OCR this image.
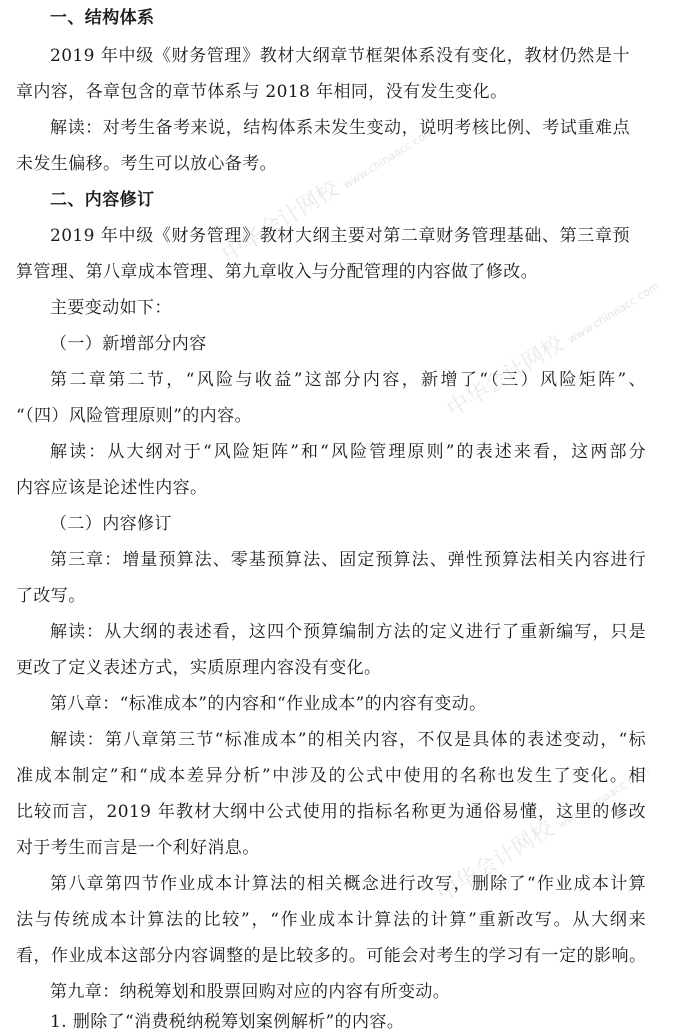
中华会计网校 www.chinaacc.com
中华会计网校 www.chinaacc.com
中华会计网校 www.chinaacc.com
一、结构体系
2019 年中级《财务管理》教材大纲章节框架体系没有变化，教材仍然是十
章内容，各章包含的章节体系与 2018 年相同，没有发生变化。
解读：对考生备考来说，结构体系未发生变动，说明考核比例、考试重难点
未发生偏移。考生可以放心备考。
二、内容修订
2019 年中级《财务管理》教材大纲主要对第二章财务管理基础、第三章预
算管理、第八章成本管理、第九章收入与分配管理的内容做了修改。
主要变动如下：
（一）新增部分内容
第二章第二节，“风险与收益”这部分内容，新增了“（三）风险矩阵”、
“（四）风险管理原则”的内容。
解读：从大纲对于“风险矩阵”和“风险管理原则”的表述来看，这两部分
内容应该是论述性内容。
（二）内容修订
第三章：增量预算法、零基预算法、固定预算法、弹性预算法相关内容进行
了改写。
解读：从大纲的表述看，这四个预算编制方法的定义进行了重新编写，只是
更改了定义表述方式，实质原理内容没有变化。
第八章：“标准成本”的内容和“作业成本”的内容有变动。
解读：第八章第三节“标准成本”的相关内容，不仅是具体的表述变动，“标
准成本制定”和“成本差异分析”中涉及的公式中使用的名称也发生了变化。相
比较而言，2019 年教材大纲中公式使用的指标名称更为通俗易懂，这里的修改
对于考生而言是一个利好消息。
第八章第四节作业成本计算法的相关概念进行改写，删除了“作业成本计算
法与传统成本计算法的比较”，“作业成本计算法的计算”重新改写。从大纲来
看，作业成本这部分内容调整的是比较多的。可能会对考生的学习有一定的影响。
第九章：纳税筹划和股票回购对应的内容有所变动。
1. 删除了“消费税纳税筹划案例解析”的内容。
